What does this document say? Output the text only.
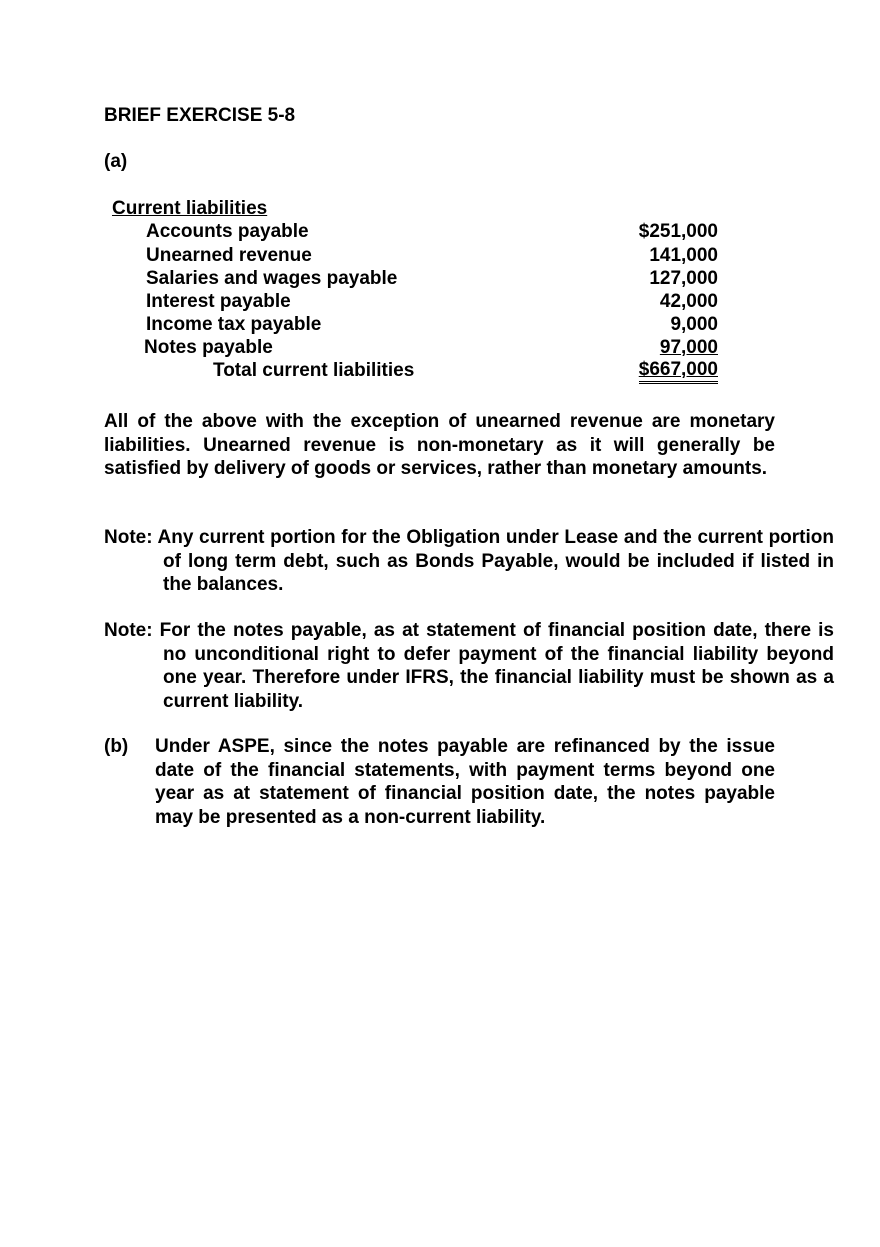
BRIEF EXERCISE 5-8
(a)
Current liabilities
Accounts payable	$251,000
Unearned revenue	141,000
Salaries and wages payable	127,000
Interest payable	42,000
Income tax payable	9,000
Notes payable	97,000
Total current liabilities	$667,000
All of the above with the exception of unearned revenue are monetary liabilities. Unearned revenue is non-monetary as it will generally be satisfied by delivery of goods or services, rather than monetary amounts.
Note: Any current portion for the Obligation under Lease and the current portion of long term debt, such as Bonds Payable, would be included if listed in the balances.
Note: For the notes payable, as at statement of financial position date, there is no unconditional right to defer payment of the financial liability beyond one year. Therefore under IFRS, the financial liability must be shown as a current liability.
(b) Under ASPE, since the notes payable are refinanced by the issue date of the financial statements, with payment terms beyond one year as at statement of financial position date, the notes payable may be presented as a non-current liability.
